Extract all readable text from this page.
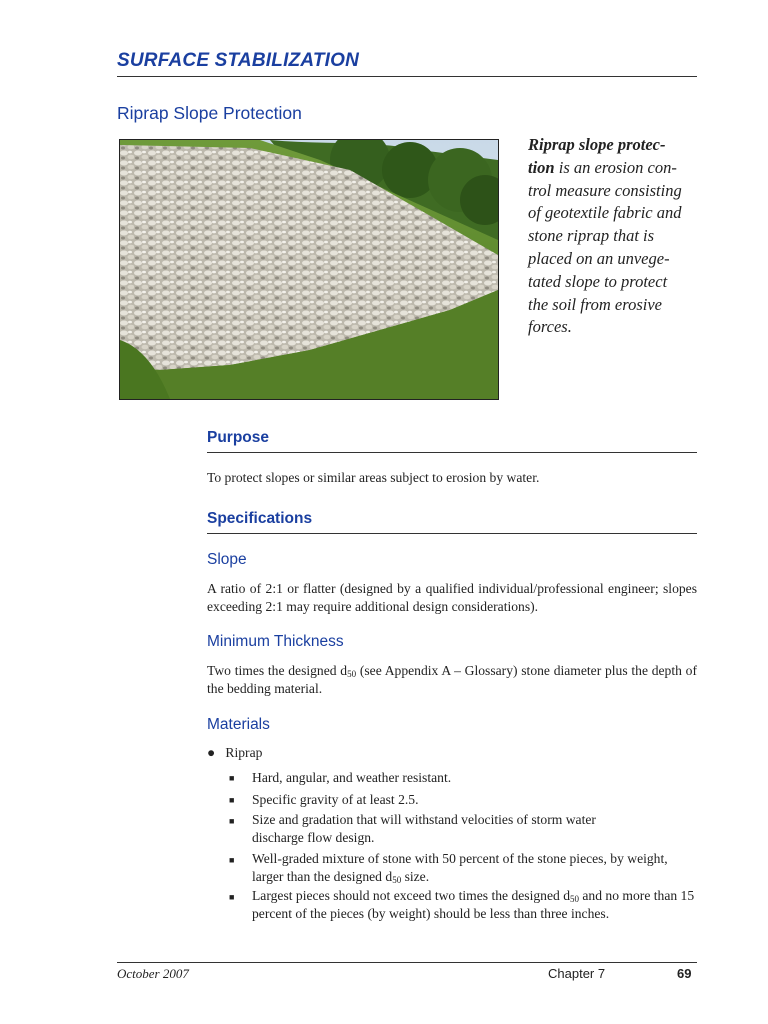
SURFACE STABILIZATION
Riprap Slope Protection
Riprap slope protec-
tion is an erosion con-
trol measure consisting
of geotextile fabric and
stone riprap that is
placed on an unvege-
tated slope to protect
the soil from erosive
forces.
Purpose
To protect slopes or similar areas subject to erosion by water.
Specifications
Slope
A ratio of 2:1 or flatter (designed by a qualified individual/professional engineer; slopes exceeding 2:1 may require additional design considerations).
Minimum Thickness
Two times the designed $d_{50}$ (see Appendix A – Glossary) stone diameter plus the depth of the bedding material.
Materials
● Riprap
■ Hard, angular, and weather resistant.
■ Specific gravity of at least 2.5.
■ Size and gradation that will withstand velocities of storm water discharge flow design.
■ Well-graded mixture of stone with 50 percent of the stone pieces, by weight, larger than the designed $d_{50}$ size.
■ Largest pieces should not exceed two times the designed $d_{50}$ and no more than 15 percent of the pieces (by weight) should be less than three inches.
October 2007	Chapter 7	69
